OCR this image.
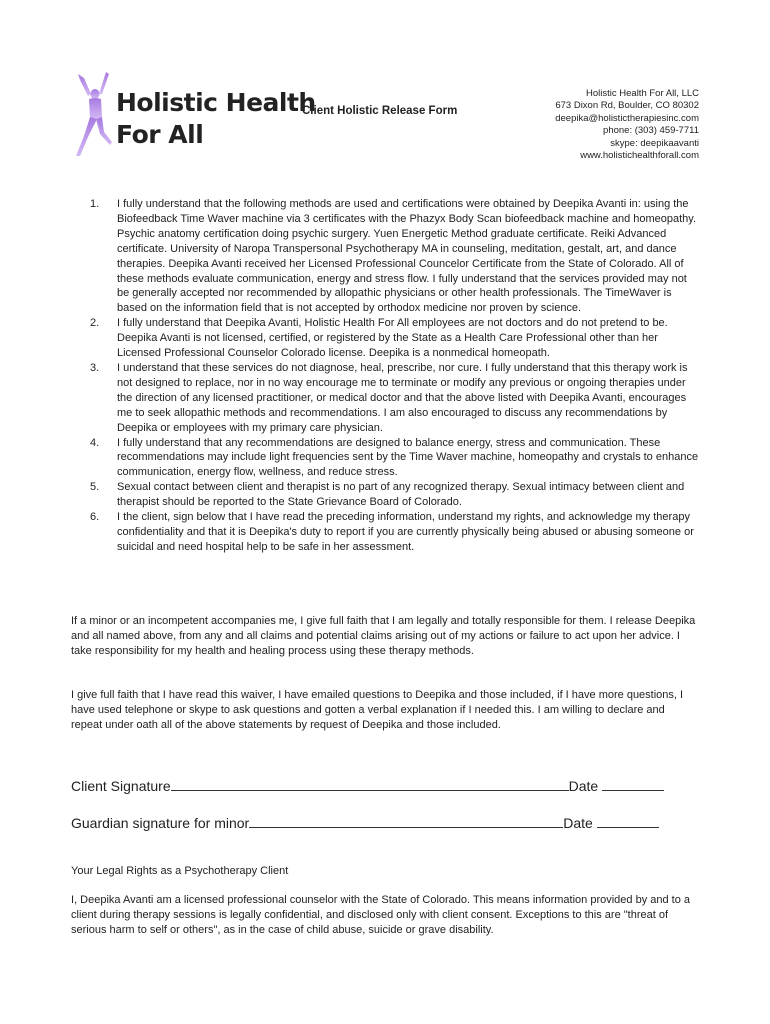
Holistic Health
For All
Client Holistic Release Form
Holistic Health For All, LLC
673 Dixon Rd, Boulder, CO 80302
deepika@holistictherapiesinc.com
phone: (303) 459-7711
skype: deepikaavanti
www.holistichealthforall.com
1. I fully understand that the following methods are used and certifications were obtained by Deepika Avanti in: using the Biofeedback Time Waver machine via 3 certificates with the Phazyx Body Scan biofeedback machine and homeopathy. Psychic anatomy certification doing psychic surgery. Yuen Energetic Method graduate certificate. Reiki Advanced certificate. University of Naropa Transpersonal Psychotherapy MA in counseling, meditation, gestalt, art, and dance therapies. Deepika Avanti received her Licensed Professional Councelor Certificate from the State of Colorado. All of these methods evaluate communication, energy and stress flow. I fully understand that the services provided may not be generally accepted nor recommended by allopathic physicians or other health professionals. The TimeWaver is based on the information field that is not accepted by orthodox medicine nor proven by science.
2. I fully understand that Deepika Avanti, Holistic Health For All employees are not doctors and do not pretend to be. Deepika Avanti is not licensed, certified, or registered by the State as a Health Care Professional other than her Licensed Professional Counselor Colorado license. Deepika is a nonmedical homeopath.
3. I understand that these services do not diagnose, heal, prescribe, nor cure. I fully understand that this therapy work is not designed to replace, nor in no way encourage me to terminate or modify any previous or ongoing therapies under the direction of any licensed practitioner, or medical doctor and that the above listed with Deepika Avanti, encourages me to seek allopathic methods and recommendations. I am also encouraged to discuss any recommendations by Deepika or employees with my primary care physician.
4. I fully understand that any recommendations are designed to balance energy, stress and communication. These recommendations may include light frequencies sent by the Time Waver machine, homeopathy and crystals to enhance communication, energy flow, wellness, and reduce stress.
5. Sexual contact between client and therapist is no part of any recognized therapy. Sexual intimacy between client and therapist should be reported to the State Grievance Board of Colorado.
6. I the client, sign below that I have read the preceding information, understand my rights, and acknowledge my therapy confidentiality and that it is Deepika's duty to report if you are currently physically being abused or abusing someone or suicidal and need hospital help to be safe in her assessment.
If a minor or an incompetent accompanies me, I give full faith that I am legally and totally responsible for them. I release Deepika and all named above, from any and all claims and potential claims arising out of my actions or failure to act upon her advice. I take responsibility for my health and healing process using these therapy methods.
I give full faith that I have read this waiver, I have emailed questions to Deepika and those included, if I have more questions, I have used telephone or skype to ask questions and gotten a verbal explanation if I needed this. I am willing to declare and repeat under oath all of the above statements by request of Deepika and those included.
Client Signature	Date
Guardian signature for minor	Date
Your Legal Rights as a Psychotherapy Client
I, Deepika Avanti am a licensed professional counselor with the State of Colorado. This means information provided by and to a client during therapy sessions is legally confidential, and disclosed only with client consent. Exceptions to this are "threat of serious harm to self or others", as in the case of child abuse, suicide or grave disability.
